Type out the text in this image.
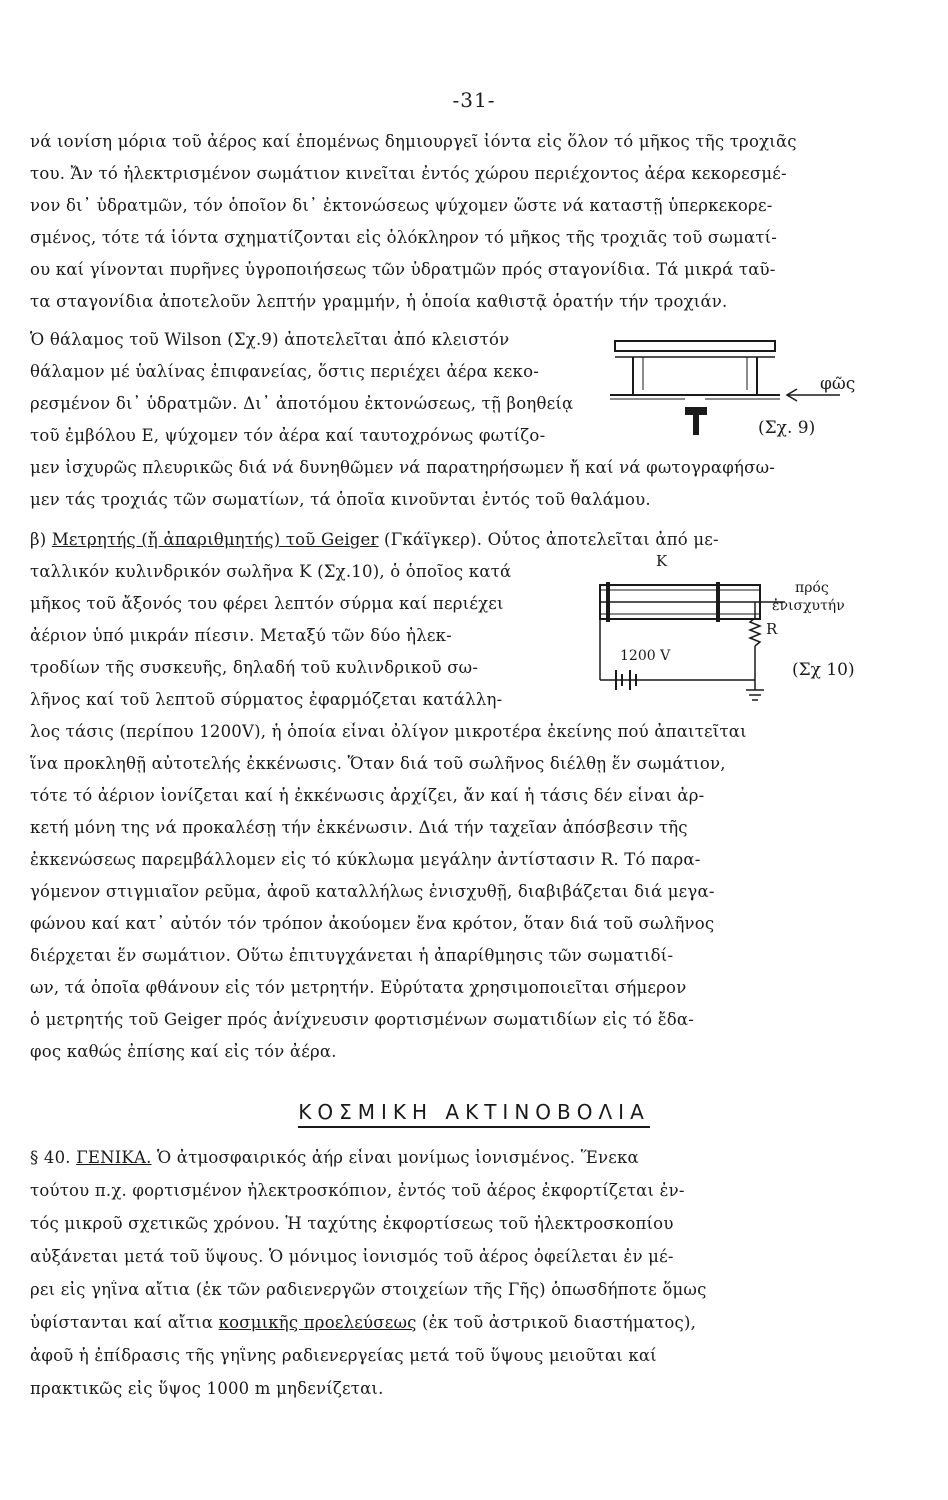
-31-
νά ιονίση μόρια τοῦ ἀέρος καί ἑπομένως δημιουργεῖ ἰόντα εἰς ὅλον τό μῆκος τῆς τροχιᾶς
του. Ἄν τό ἠλεκτρισμένον σωμάτιον κινεῖται ἐντός χώρου περιέχοντος ἀέρα κεκορεσμέ-
νον δι᾽ ὑδρατμῶν, τόν ὁποῖον δι᾽ ἐκτονώσεως ψύχομεν ὥστε νά καταστῇ ὑπερκεκορε-
σμένος, τότε τά ἰόντα σχηματίζονται εἰς ὁλόκληρον τό μῆκος τῆς τροχιᾶς τοῦ σωματί-
ου καί γίνονται πυρῆνες ὑγροποιήσεως τῶν ὑδρατμῶν πρός σταγονίδια. Τά μικρά ταῦ-
τα σταγονίδια ἀποτελοῦν λεπτήν γραμμήν, ἡ ὁποία καθιστᾷ ὁρατήν τήν τροχιάν.
Ὁ θάλαμος τοῦ Wilson (Σχ.9) ἀποτελεῖται ἀπό κλειστόν
θάλαμον μέ ὑαλίνας ἐπιφανείας, ὅστις περιέχει ἀέρα κεκο-
ρεσμένον δι᾽ ὑδρατμῶν. Δι᾽ ἀποτόμου ἐκτονώσεως, τῇ βοηθείᾳ
τοῦ ἐμβόλου Ε, ψύχομεν τόν ἀέρα καί ταυτοχρόνως φωτίζο-
μεν ἰσχυρῶς πλευρικῶς διά νά δυνηθῶμεν νά παρατηρήσωμεν ἤ καί νά φωτογραφήσω-
μεν τάς τροχιάς τῶν σωματίων, τά ὁποῖα κινοῦνται ἐντός τοῦ θαλάμου.
φῶς
(Σχ. 9)
β) Μετρητής (ἤ ἀπαριθμητής) τοῦ Geiger (Γκάϊγκερ). Οὗτος ἀποτελεῖται ἀπό με-
ταλλικόν κυλινδρικόν σωλῆνα Κ (Σχ.10), ὁ ὁποῖος κατά
μῆκος τοῦ ἄξονός του φέρει λεπτόν σύρμα καί περιέχει
ἀέριον ὑπό μικράν πίεσιν. Μεταξύ τῶν δύο ἠλεκ-
τροδίων τῆς συσκευῆς, δηλαδή τοῦ κυλινδρικοῦ σω-
λῆνος καί τοῦ λεπτοῦ σύρματος ἐφαρμόζεται κατάλλη-
λος τάσις (περίπου 1200V), ἡ ὁποία εἶναι ὀλίγον μικροτέρα ἐκείνης πού ἀπαιτεῖται
ἵνα προκληθῇ αὐτοτελής ἐκκένωσις. Ὅταν διά τοῦ σωλῆνος διέλθῃ ἕν σωμάτιον,
τότε τό ἀέριον ἰονίζεται καί ἡ ἐκκένωσις ἀρχίζει, ἄν καί ἡ τάσις δέν εἶναι ἀρ-
κετή μόνη της νά προκαλέσῃ τήν ἐκκένωσιν. Διά τήν ταχεῖαν ἀπόσβεσιν τῆς
ἐκκενώσεως παρεμβάλλομεν εἰς τό κύκλωμα μεγάλην ἀντίστασιν R. Τό παρα-
γόμενον στιγμιαῖον ρεῦμα, ἀφοῦ καταλλήλως ἐνισχυθῇ, διαβιβάζεται διά μεγα-
φώνου καί κατ᾽ αὐτόν τόν τρόπον ἀκούομεν ἕνα κρότον, ὅταν διά τοῦ σωλῆνος
διέρχεται ἕν σωμάτιον. Οὕτω ἐπιτυγχάνεται ἡ ἀπαρίθμησις τῶν σωματιδί-
ων, τά ὁποῖα φθάνουν εἰς τόν μετρητήν. Εὐρύτατα χρησιμοποιεῖται σήμερον
ὁ μετρητής τοῦ Geiger πρός ἀνίχνευσιν φορτισμένων σωματιδίων εἰς τό ἔδα-
φος καθώς ἐπίσης καί εἰς τόν ἀέρα.
Κ
πρός
ἐνισχυτήν
R
1200 V
(Σχ 10)
ΚΟΣΜΙΚΗ ΑΚΤΙΝΟΒΟΛΙΑ
§ 40. ΓΕΝΙΚΑ. Ὁ ἀτμοσφαιρικός ἀήρ εἶναι μονίμως ἰονισμένος. Ἕνεκα
τούτου π.χ. φορτισμένον ἠλεκτροσκόπιον, ἐντός τοῦ ἀέρος ἐκφορτίζεται ἐν-
τός μικροῦ σχετικῶς χρόνου. Ἡ ταχύτης ἐκφορτίσεως τοῦ ἠλεκτροσκοπίου
αὐξάνεται μετά τοῦ ὕψους. Ὁ μόνιμος ἰονισμός τοῦ ἀέρος ὀφείλεται ἐν μέ-
ρει εἰς γηΐνα αἴτια (ἐκ τῶν ραδιενεργῶν στοιχείων τῆς Γῆς) ὁπωσδήποτε ὅμως
ὑφίστανται καί αἴτια κοσμικῆς προελεύσεως (ἐκ τοῦ ἀστρικοῦ διαστήματος),
ἀφοῦ ἡ ἐπίδρασις τῆς γηΐνης ραδιενεργείας μετά τοῦ ὕψους μειοῦται καί
πρακτικῶς εἰς ὕψος 1000 m μηδενίζεται.
